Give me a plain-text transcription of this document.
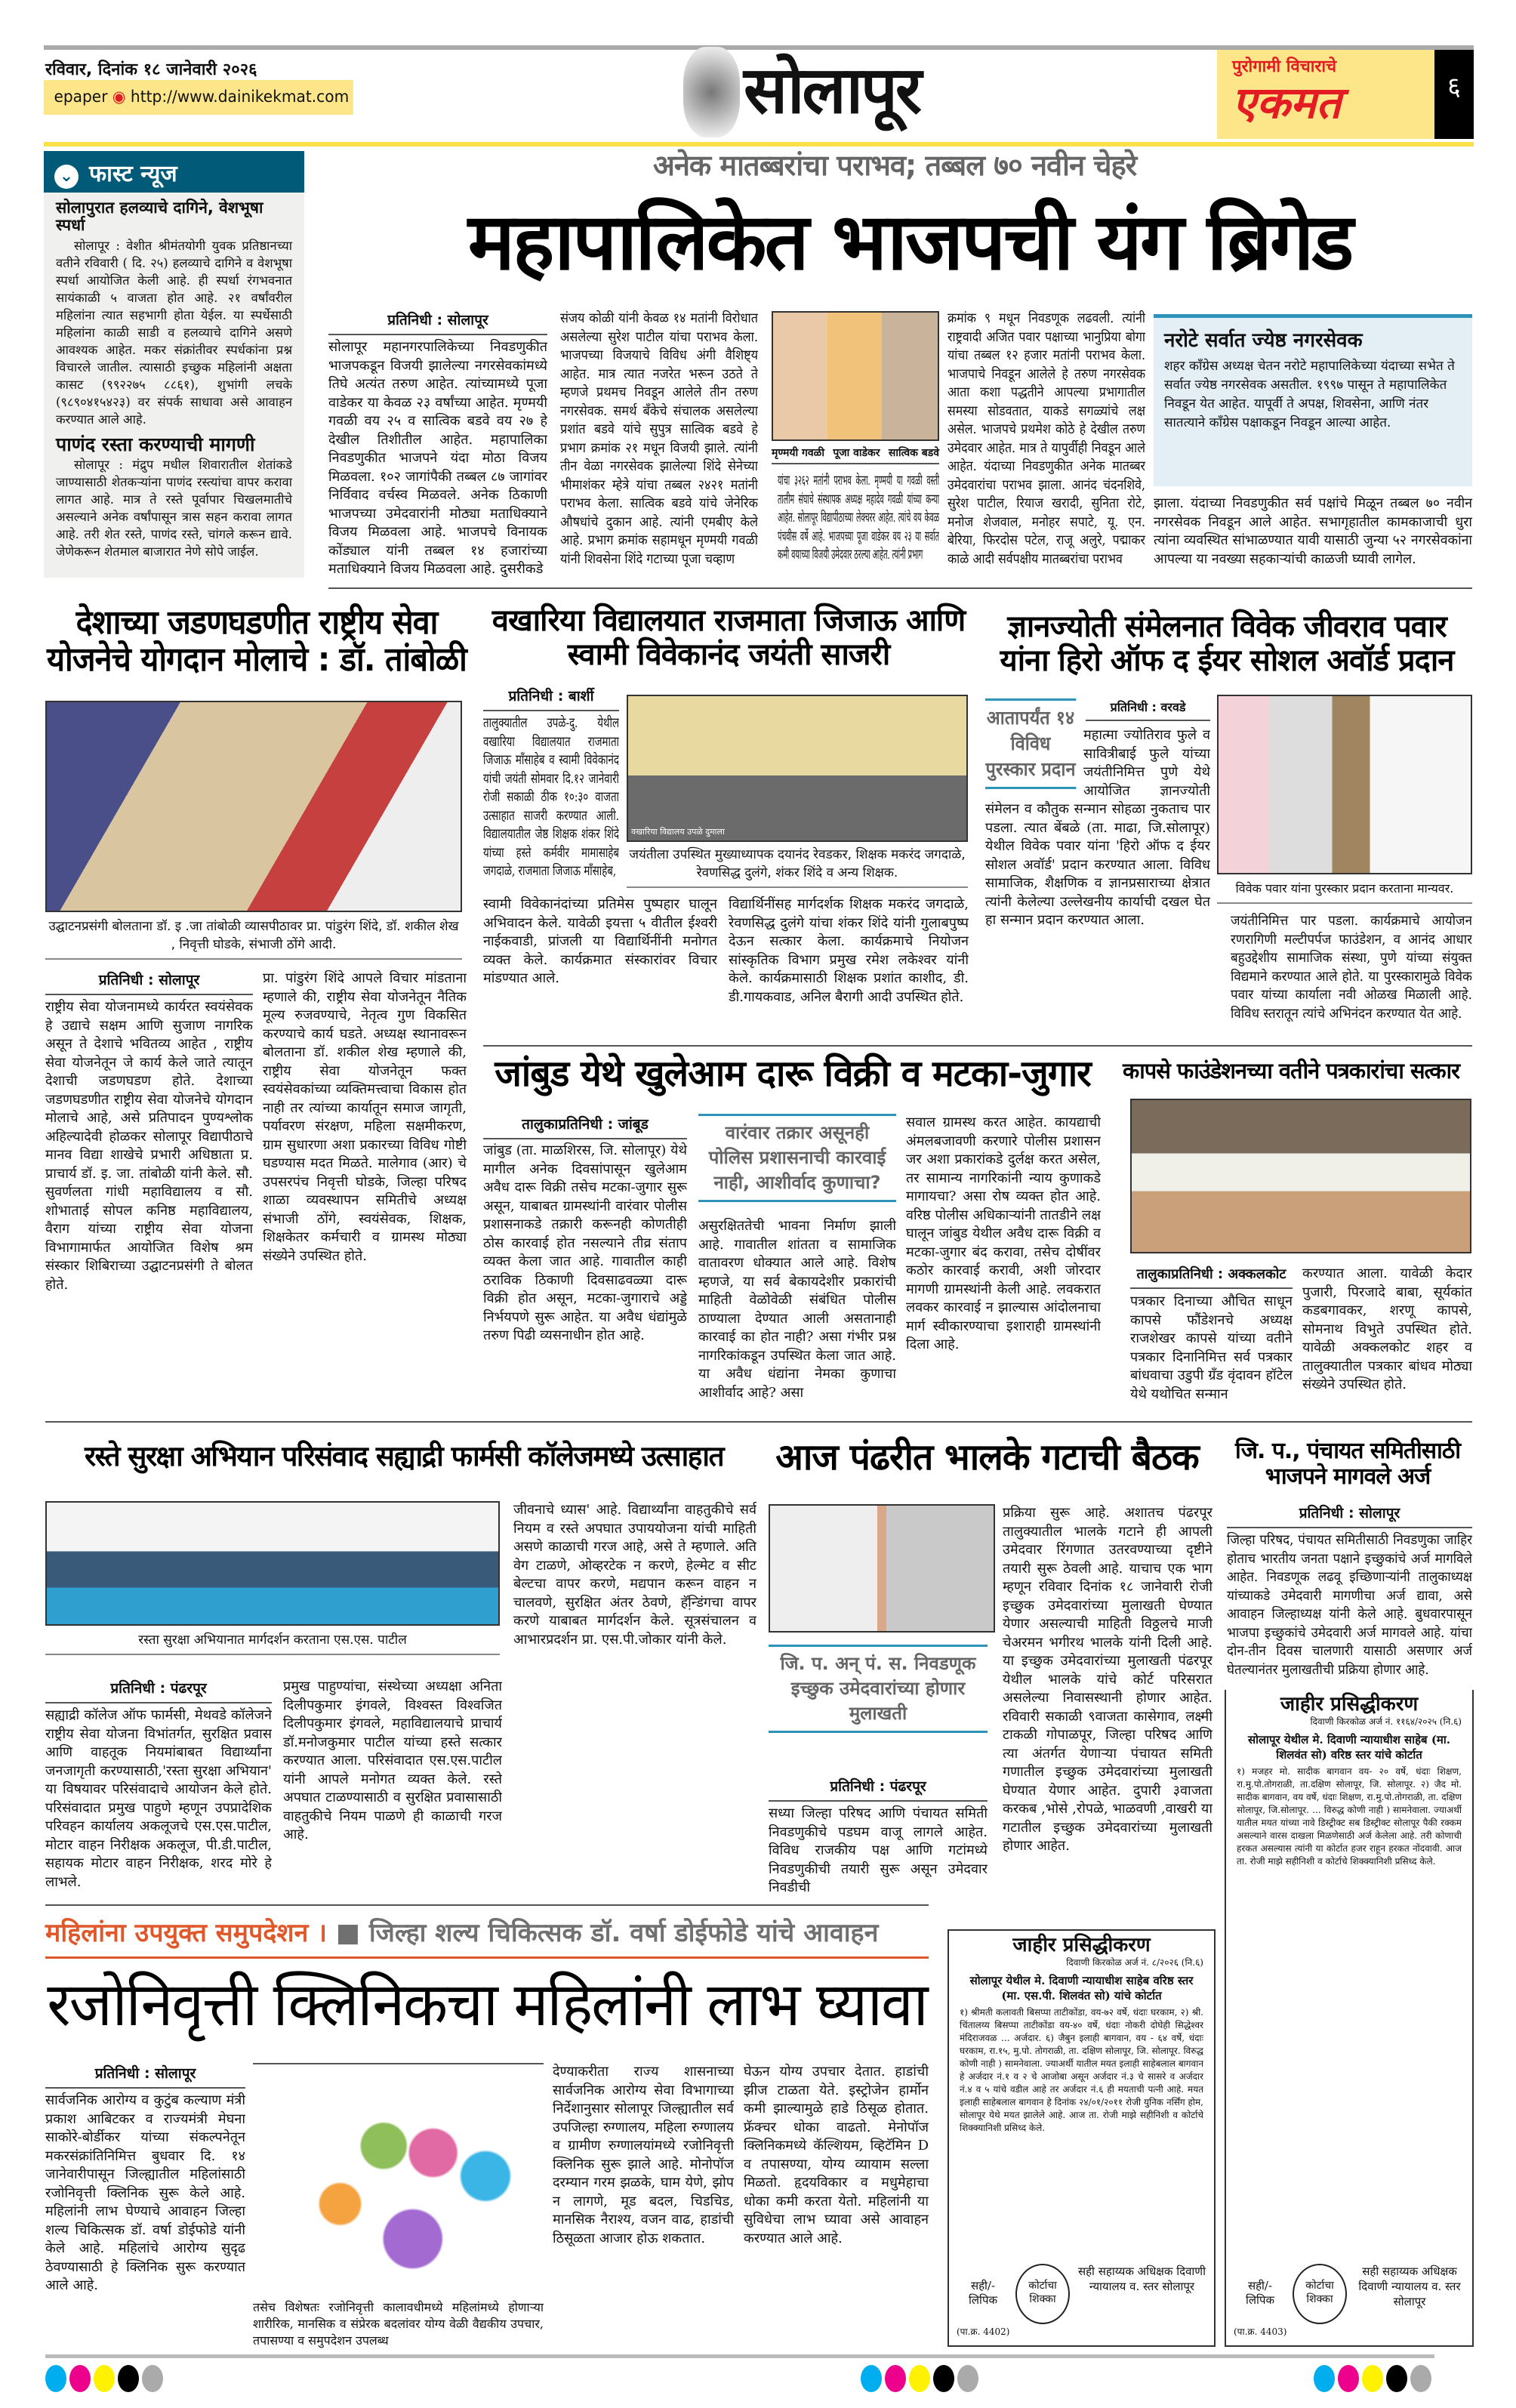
रविवार, दिनांक १८ जानेवारी २०२६
epaper ◉ http://www.dainikekmat.com	सोलापूर	पुरोगामी विचाराचे
एकमत	६
⌄ फास्ट न्यूज
सोलापुरात हलव्याचे दागिने, वेशभूषा स्पर्धा
सोलापूर : वेशीत श्रीमंतयोगी युवक प्रतिष्ठानच्या वतीने रविवारी ( दि. २५) हलव्याचे दागिने व वेशभूषा स्पर्धा आयोजित केली आहे. ही स्पर्धा रंगभवनात सायंकाळी ५ वाजता होत आहे. २१ वर्षांवरील महिलांना त्यात सहभागी होता येईल. या स्पर्धेसाठी महिलांना काळी साडी व हलव्याचे दागिने असणे आवश्यक आहेत. मकर संक्रांतीवर स्पर्धकांना प्रश्न विचारले जातील. त्यासाठी इच्छुक महिलांनी अक्षता कासट (९९२२७५ ८८६१), शुभांगी लचके (९८९०४१५४२३) वर संपर्क साधावा असे आवाहन करण्यात आले आहे.
पाणंद रस्ता करण्याची मागणी
सोलापूर : मंद्रुप मधील शिवारातील शेतांकडे जाण्यासाठी शेतकऱ्यांना पाणंद रस्त्यांचा वापर करावा लागत आहे. मात्र ते रस्ते पूर्वापार चिखलमातीचे असल्याने अनेक वर्षांपासून त्रास सहन करावा लागत आहे. तरी शेत रस्ते, पाणंद रस्ते, चांगले करून द्यावे. जेणेकरून शेतमाल बाजारात नेणे सोपे जाईल.
अनेक मातब्बरांचा पराभव; तब्बल ७० नवीन चेहरे
महापालिकेत भाजपची यंग ब्रिगेड
प्रतिनिधी : सोलापूर
सोलापूर महानगरपालिकेच्या निवडणुकीत भाजपकडून विजयी झालेल्या नगरसेवकांमध्ये तिघे अत्यंत तरुण आहेत. त्यांच्यामध्ये पूजा वाडेकर या केवळ २३ वर्षांच्या आहेत. मृण्मयी गवळी वय २५ व सात्विक बडवे वय २७ हे देखील तिशीतील आहेत. महापालिका निवडणुकीत भाजपने यंदा मोठा विजय मिळवला. १०२ जागांपैकी तब्बल ८७ जागांवर निर्विवाद वर्चस्व मिळवले. अनेक ठिकाणी भाजपच्या उमेदवारांनी मोठ्या मताधिक्याने विजय मिळवला आहे. भाजपचे विनायक कोंड्याल यांनी तब्बल १४ हजारांच्या मताधिक्याने विजय मिळवला आहे. दुसरीकडे
संजय कोळी यांनी केवळ १४ मतांनी विरोधात असलेल्या सुरेश पाटील यांचा पराभव केला. भाजपच्या विजयाचे विविध अंगी वैशिष्ट्य आहेत. मात्र त्यात नजरेत भरून उठते ते म्हणजे प्रथमच निवडून आलेले तीन तरुण नगरसेवक. समर्थ बँकेचे संचालक असलेल्या प्रशांत बडवे यांचे सुपुत्र सात्विक बडवे हे प्रभाग क्रमांक २१ मधून विजयी झाले. त्यांनी तीन वेळा नगरसेवक झालेल्या शिंदे सेनेच्या भीमाशंकर म्हेत्रे यांचा तब्बल २४२१ मतांनी पराभव केला. सात्विक बडवे यांचे जेनेरिक औषधांचे दुकान आहे. त्यांनी एमबीए केले आहे. प्रभाग क्रमांक सहामधून मृण्मयी गवळी यांनी शिवसेना शिंदे गटाच्या पूजा चव्हाण
मृण्मयी गवळी पूजा वाडेकर सात्विक बडवे
यांचा ३२६२ मतांनी पराभव केला. मृण्मयी या गवळी वस्ती तालीम संघाचे संस्थापक अध्यक्ष महादेव गवळी यांच्या कन्या आहेत. सोलापूर विद्यापीठाच्या लेक्चरर आहेत. त्यांचे वय केवळ पंचवीस वर्षे आहे. भाजपच्या पूजा वाडेकर वय २३ या सर्वात कमी वयाच्या विजयी उमेदवार ठरल्या आहेत. त्यांनी प्रभाग
क्रमांक ९ मधून निवडणूक लढवली. त्यांनी राष्ट्रवादी अजित पवार पक्षाच्या भानुप्रिया बोगा यांचा तब्बल १२ हजार मतांनी पराभव केला. भाजपाचे निवडून आलेले हे तरुण नगरसेवक आता कशा पद्धतीने आपल्या प्रभागातील समस्या सोडवतात, याकडे सगळ्यांचे लक्ष असेल. भाजपचे प्रथमेश कोठे हे देखील तरुण उमेदवार आहेत. मात्र ते यापुर्वीही निवडून आले आहेत. यंदाच्या निवडणुकीत अनेक मातब्बर उमेदवारांचा पराभव झाला. आनंद चंदनशिवे, सुरेश पाटील, रियाज खरादी, सुनिता रोटे, मनोज शेजवाल, मनोहर सपाटे, यू. एन. बेरिया, फिरदोस पटेल, राजू अलुरे, पद्माकर काळे आदी सर्वपक्षीय मातब्बरांचा पराभव
नरोटे सर्वात ज्येष्ठ नगरसेवक
शहर काँग्रेस अध्यक्ष चेतन नरोटे महापालिकेच्या यंदाच्या सभेत ते सर्वात ज्येष्ठ नगरसेवक असतील. १९९७ पासून ते महापालिकेत निवडून येत आहेत. यापूर्वी ते अपक्ष, शिवसेना, आणि नंतर सातत्याने काँग्रेस पक्षाकडून निवडून आल्या आहेत.
झाला. यंदाच्या निवडणुकीत सर्व पक्षांचे मिळून तब्बल ७० नवीन नगरसेवक निवडून आले आहेत. सभागृहातील कामकाजाची धुरा त्यांना व्यवस्थित सांभाळण्यात यावी यासाठी जुन्या ५२ नगरसेवकांना आपल्या या नवख्या सहकाऱ्यांची काळजी घ्यावी लागेल.
देशाच्या जडणघडणीत राष्ट्रीय सेवा योजनेचे योगदान मोलाचे : डॉ. तांबोळी
उद्घाटनप्रसंगी बोलताना डॉ. इ .जा तांबोळी व्यासपीठावर प्रा. पांडुरंग शिंदे, डॉ. शकील शेख , निवृत्ती घोडके, संभाजी ठोंगे आदी.
प्रतिनिधी : सोलापूर
राष्ट्रीय सेवा योजनामध्ये कार्यरत स्वयंसेवक हे उद्याचे सक्षम आणि सुजाण नागरिक असून ते देशाचे भवितव्य आहेत , राष्ट्रीय सेवा योजनेतून जे कार्य केले जाते त्यातून देशाची जडणघडण होते. देशाच्या जडणघडणीत राष्ट्रीय सेवा योजनेचे योगदान मोलाचे आहे, असे प्रतिपादन पुण्यश्लोक अहिल्यादेवी होळकर सोलापूर विद्यापीठाचे मानव विद्या शाखेचे प्रभारी अधिष्ठाता प्र. प्राचार्य डॉ. इ. जा. तांबोळी यांनी केले. सौ. सुवर्णलता गांधी महाविद्यालय व सौ. शोभाताई सोपल कनिष्ठ महाविद्यालय, वैराग यांच्या राष्ट्रीय सेवा योजना विभागामार्फत आयोजित विशेष श्रम संस्कार शिबिराच्या उद्घाटनप्रसंगी ते बोलत होते.
प्रा. पांडुरंग शिंदे आपले विचार मांडताना म्हणाले की, राष्ट्रीय सेवा योजनेतून नैतिक मूल्य रुजवण्याचे, नेतृत्व गुण विकसित करण्याचे कार्य घडते. अध्यक्ष स्थानावरून बोलताना डॉ. शकील शेख म्हणाले की, राष्ट्रीय सेवा योजनेतून फक्त स्वयंसेवकांच्या व्यक्तिमत्त्वाचा विकास होत नाही तर त्यांच्या कार्यातून समाज जागृती, पर्यावरण संरक्षण, महिला सक्षमीकरण, ग्राम सुधारणा अशा प्रकारच्या विविध गोष्टी घडण्यास मदत मिळते. मालेगाव (आर) चे उपसरपंच निवृत्ती घोडके, जिल्हा परिषद शाळा व्यवस्थापन समितीचे अध्यक्ष संभाजी ठोंगे, स्वयंसेवक, शिक्षक, शिक्षकेतर कर्मचारी व ग्रामस्थ मोठ्या संख्येने उपस्थित होते.
वखारिया विद्यालयात राजमाता जिजाऊ आणि स्वामी विवेकानंद जयंती साजरी
प्रतिनिधी : बार्शी
तालुक्यातील उपळे-दु. येथील वखारिया विद्यालयात राजमाता जिजाऊ माँसाहेब व स्वामी विवेकानंद यांची जयंती सोमवार दि.१२ जानेवारी रोजी सकाळी ठीक १०:३० वाजता उत्साहात साजरी करण्यात आली. विद्यालयातील जेष्ठ शिक्षक शंकर शिंदे यांच्या हस्ते कर्मवीर मामासाहेब जगदाळे, राजमाता जिजाऊ माँसाहेब,
वखारिया विद्यालय उपळे दुमाला
जयंतीला उपस्थित मुख्याध्यापक दयानंद रेवडकर, शिक्षक मकरंद जगदाळे, रेवणसिद्ध दुलंगे, शंकर शिंदे व अन्य शिक्षक.
स्वामी विवेकानंदांच्या प्रतिमेस पुष्पहार घालून अभिवादन केले. यावेळी इयत्ता ५ वीतील ईश्वरी नाईकवाडी, प्रांजली या विद्यार्थिनींनी मनोगत व्यक्त केले. कार्यक्रमात संस्कारांवर विचार मांडण्यात आले.
विद्यार्थिनींसह मार्गदर्शक शिक्षक मकरंद जगदाळे, रेवणसिद्ध दुलंगे यांचा शंकर शिंदे यांनी गुलाबपुष्प देऊन सत्कार केला. कार्यक्रमाचे नियोजन सांस्कृतिक विभाग प्रमुख रमेश लकेश्वर यांनी केले. कार्यक्रमासाठी शिक्षक प्रशांत काशीद, डी. डी.गायकवाड, अनिल बैरागी आदी उपस्थित होते.
ज्ञानज्योती संमेलनात विवेक जीवराव पवार यांना हिरो ऑफ द ईयर सोशल अवॉर्ड प्रदान
आतापर्यंत १४ विविध पुरस्कार प्रदान
प्रतिनिधी : वरवडे
महात्मा ज्योतिराव फुले व सावित्रीबाई फुले यांच्या जयंतीनिमित्त पुणे येथे आयोजित ज्ञानज्योती संमेलन व कौतुक सन्मान सोहळा नुकताच पार पडला. त्यात बेंबळे (ता. माढा, जि.सोलापूर) येथील विवेक पवार यांना 'हिरो ऑफ द ईयर सोशल अवॉर्ड' प्रदान करण्यात आला. विविध सामाजिक, शैक्षणिक व ज्ञानप्रसाराच्या क्षेत्रात त्यांनी केलेल्या उल्लेखनीय कार्याची दखल घेत हा सन्मान प्रदान करण्यात आला.
विवेक पवार यांना पुरस्कार प्रदान करताना मान्यवर.
जयंतीनिमित्त पार पडला. कार्यक्रमाचे आयोजन रणरागिणी मल्टीपर्पज फाउंडेशन, व आनंद आधार बहुउद्देशीय सामाजिक संस्था, पुणे यांच्या संयुक्त विद्यमाने करण्यात आले होते. या पुरस्कारामुळे विवेक पवार यांच्या कार्याला नवी ओळख मिळाली आहे. विविध स्तरातून त्यांचे अभिनंदन करण्यात येत आहे.
जांबुड येथे खुलेआम दारू विक्री व मटका-जुगार
तालुकाप्रतिनिधी : जांबूड
जांबुड (ता. माळशिरस, जि. सोलापूर) येथे मागील अनेक दिवसांपासून खुलेआम अवैध दारू विक्री तसेच मटका-जुगार सुरू असून, याबाबत ग्रामस्थांनी वारंवार पोलीस प्रशासनाकडे तक्रारी करूनही कोणतीही ठोस कारवाई होत नसल्याने तीव्र संताप व्यक्त केला जात आहे. गावातील काही ठराविक ठिकाणी दिवसाढवळ्या दारू विक्री होत असून, मटका-जुगाराचे अड्डे निर्भयपणे सुरू आहेत. या अवैध धंद्यांमुळे तरुण पिढी व्यसनाधीन होत आहे.
वारंवार तक्रार असूनही पोलिस प्रशासनाची कारवाई नाही, आशीर्वाद कुणाचा?
असुरक्षिततेची भावना निर्माण झाली आहे. गावातील शांतता व सामाजिक वातावरण धोक्यात आले आहे. विशेष म्हणजे, या सर्व बेकायदेशीर प्रकारांची माहिती वेळोवेळी संबंधित पोलीस ठाण्याला देण्यात आली असतानाही कारवाई का होत नाही? असा गंभीर प्रश्न नागरिकांकडून उपस्थित केला जात आहे. या अवैध धंद्यांना नेमका कुणाचा आशीर्वाद आहे? असा
सवाल ग्रामस्थ करत आहेत. कायद्याची अंमलबजावणी करणारे पोलीस प्रशासन जर अशा प्रकारांकडे दुर्लक्ष करत असेल, तर सामान्य नागरिकांनी न्याय कुणाकडे मागायचा? असा रोष व्यक्त होत आहे. वरिष्ठ पोलीस अधिकाऱ्यांनी तातडीने लक्ष घालून जांबुड येथील अवैध दारू विक्री व मटका-जुगार बंद करावा, तसेच दोषींवर कठोर कारवाई करावी, अशी जोरदार मागणी ग्रामस्थांनी केली आहे. लवकरात लवकर कारवाई न झाल्यास आंदोलनाचा मार्ग स्वीकारण्याचा इशाराही ग्रामस्थांनी दिला आहे.
कापसे फाउंडेशनच्या वतीने पत्रकारांचा सत्कार
तालुकाप्रतिनिधी : अक्कलकोट
पत्रकार दिनाच्या औचित साधून कापसे फौंडेशनचे अध्यक्ष राजशेखर कापसे यांच्या वतीने पत्रकार दिनानिमित्त सर्व पत्रकार बांधवाचा उडुपी ग्रँड वृंदावन हॉटेल येथे यथोचित सन्मान
करण्यात आला. यावेळी केदार पुजारी, पिरजादे बाबा, सूर्यकांत कडबगावकर, शरणू कापसे, सोमनाथ विभुते उपस्थित होते. यावेळी अक्कलकोट शहर व तालुक्यातील पत्रकार बांधव मोठ्या संख्येने उपस्थित होते.
रस्ते सुरक्षा अभियान परिसंवाद सह्याद्री फार्मसी कॉलेजमध्ये उत्साहात
रस्ता सुरक्षा अभियानात मार्गदर्शन करताना एस.एस. पाटील
प्रतिनिधी : पंढरपूर
सह्याद्री कॉलेज ऑफ फार्मसी, मेथवडे कॉलेजने राष्ट्रीय सेवा योजना विभांतर्गत, सुरक्षित प्रवास आणि वाहतूक नियमांबाबत विद्यार्थ्यांना जनजागृती करण्यासाठी,'रस्ता सुरक्षा अभियान' या विषयावर परिसंवादाचे आयोजन केले होते. परिसंवादात प्रमुख पाहुणे म्हणून उपप्रादेशिक परिवहन कार्यालय अकलूजचे एस.एस.पाटील, मोटार वाहन निरीक्षक अकलूज, पी.डी.पाटील, सहायक मोटार वाहन निरीक्षक, शरद मोरे हे लाभले.
प्रमुख पाहुण्यांचा, संस्थेच्या अध्यक्षा अनिता दिलीपकुमार इंगवले, विश्वस्त विश्वजित दिलीपकुमार इंगवले, महाविद्यालयाचे प्राचार्य डॉ.मनोजकुमार पाटील यांच्या हस्ते सत्कार करण्यात आला. परिसंवादात एस.एस.पाटील यांनी आपले मनोगत व्यक्त केले. रस्ते अपघात टाळण्यासाठी व सुरक्षित प्रवासासाठी वाहतुकीचे नियम पाळणे ही काळाची गरज आहे.
जीवनाचे ध्यास' आहे. विद्यार्थ्यांना वाहतुकीचे सर्व नियम व रस्ते अपघात उपाययोजना यांची माहिती असणे काळाची गरज आहे, असे ते म्हणाले. अति वेग टाळणे, ओव्हरटेक न करणे, हेल्मेट व सीट बेल्टचा वापर करणे, मद्यपान करून वाहन न चालवणे, सुरक्षित अंतर ठेवणे, हॅन्डि़ंगचा वापर करणे याबाबत मार्गदर्शन केले. सूत्रसंचालन व आभारप्रदर्शन प्रा. एस.पी.जोकार यांनी केले.
आज पंढरीत भालके गटाची बैठक
जि. प. अन् पं. स. निवडणूक इच्छुक उमेदवारांच्या होणार मुलाखती
प्रतिनिधी : पंढरपूर
सध्या जिल्हा परिषद आणि पंचायत समिती निवडणुकीचे पडघम वाजू लागले आहेत. विविध राजकीय पक्ष आणि गटांमध्ये निवडणुकीची तयारी सुरू असून उमेदवार निवडीची
प्रक्रिया सुरू आहे. अशातच पंढरपूर तालुक्यातील भालके गटाने ही आपली उमेदवार रिंगणात उतरवण्याच्या दृष्टीने तयारी सुरू ठेवली आहे. याचाच एक भाग म्हणून रविवार दिनांक १८ जानेवारी रोजी इच्छुक उमेदवारांच्या मुलाखती घेण्यात येणार असल्याची माहिती विठ्ठलचे माजी चेअरमन भगीरथ भालके यांनी दिली आहे. या इच्छुक उमेदवारांच्या मुलाखती पंढरपूर येथील भालके यांचे कोर्ट परिसरात असलेल्या निवासस्थानी होणार आहेत. रविवारी सकाळी ९वाजता कासेगाव, लक्ष्मी टाकळी गोपाळपूर, जिल्हा परिषद आणि त्या अंतर्गत येणाऱ्या पंचायत समिती गणातील इच्छुक उमेदवारांच्या मुलाखती घेण्यात येणार आहेत. दुपारी ३वाजता करकब ,भोसे ,रोपळे, भाळवणी ,वाखरी या गटातील इच्छुक उमेदवारांच्या मुलाखती होणार आहेत.
जि. प., पंचायत समितीसाठी भाजपने मागवले अर्ज
प्रतिनिधी : सोलापूर
जिल्हा परिषद, पंचायत समितीसाठी निवडणुका जाहिर होताच भारतीय जनता पक्षाने इच्छुकांचे अर्ज मागविले आहेत. निवडणूक लढवू इच्छिणाऱ्यांनी तालुकाध्यक्ष यांच्याकडे उमेदवारी मागणीचा अर्ज द्यावा, असे आवाहन जिल्हाध्यक्ष यांनी केले आहे. बुधवारपासून भाजपा इच्छुकांचे उमेदवारी अर्ज मागवले आहे. यांचा दोन-तीन दिवस चालणारी यासाठी असणार अर्ज घेतल्यानंतर मुलाखतीची प्रक्रिया होणार आहे.
जाहीर प्रसिद्धीकरण
दिवाणी किरकोळ अर्ज नं. ११६४/२०२५ (नि.६)
सोलापूर येथील मे. दिवाणी न्यायाधीश साहेब (मा. शिलवंत सो) वरिष्ठ स्तर यांचे कोर्टात
१) मजहर मो. सादीक बागवान वय- २० वर्षे, धंदाः शिक्षण, रा.मु.पो.तोगराळी, ता.दक्षिण सोलापूर, जि. सोलापूर. २) जैद मो. सादीक बागवान, वय वर्षे, धंदाः शिक्षण, रा.मु.पो.तोगराळी, ता. दक्षिण सोलापूर, जि.सोलापूर. ... विरुद्ध कोणी नाही ) सामनेवाला. ज्याअर्थी यातील मयत यांच्या नावे डिस्ट्रीक्ट सब डिस्ट्रीक्ट सोलापूर पैकी रक्कम असल्याने वारस दाखला मिळणेसाठी अर्ज केलेला आहे. तरी कोणाची हरकत असल्यास त्यांनी या कोर्टात हजर राहून हरकत नोंदवावी. आज ता. रोजी माझे सहीनिशी व कोर्टाचे शिक्क्यानिशी प्रसिध्द केले.
सही/- लिपिक
कोर्टाचा शिक्का
सही सहाय्यक अधिक्षक दिवाणी न्यायालय व. स्तर सोलापूर
(पा.क्र. 4403)
महिलांना उपयुक्त समुपदेशन । ■ जिल्हा शल्य चिकित्सक डॉ. वर्षा डोईफोडे यांचे आवाहन
रजोनिवृत्ती क्लिनिकचा महिलांनी लाभ घ्यावा
प्रतिनिधी : सोलापूर
सार्वजनिक आरोग्य व कुटुंब कल्याण मंत्री प्रकाश आबिटकर व राज्यमंत्री मेघना साकोरे-बोर्डीकर यांच्या संकल्पनेतून मकरसंक्रांतिनिमित्त बुधवार दि. १४ जानेवारीपासून जिल्ह्यातील महिलांसाठी रजोनिवृत्ती क्लिनिक सुरू केले आहे. महिलांनी लाभ घेण्याचे आवाहन जिल्हा शल्य चिकित्सक डॉ. वर्षा डोईफोडे यांनी केले आहे. महिलांचे आरोग्य सुदृढ ठेवण्यासाठी हे क्लिनिक सुरू करण्यात आले आहे.
तसेच विशेषतः रजोनिवृत्ती कालावधीमध्ये महिलांमध्ये होणाऱ्या शारीरिक, मानसिक व संप्रेरक बदलांवर योग्य वेळी वैद्यकीय उपचार, तपासण्या व समुपदेशन उपलब्ध
देण्याकरीता राज्य शासनाच्या सार्वजनिक आरोग्य सेवा विभागाच्या निर्देशानुसार सोलापूर जिल्ह्यातील सर्व उपजिल्हा रुग्णालय, महिला रुग्णालय व ग्रामीण रुग्णालयांमध्ये रजोनिवृत्ती क्लिनिक सुरू झाले आहे. मोनोपॉज दरम्यान गरम झळके, घाम येणे, झोप न लागणे, मूड बदल, चिडचिड, मानसिक नैराश्य, वजन वाढ, हाडांची ठिसूळता आजार होऊ शकतात.
घेऊन योग्य उपचार देतात. हाडांची झीज टाळता येते. इस्ट्रोजेन हार्मोन कमी झाल्यामुळे हाडे ठिसूळ होतात. फ्रॅक्चर धोका वाढतो. मेनोपॉज क्लिनिकमध्ये कॅल्शियम, व्हिटॅमिन D व तपासण्या, योग्य व्यायाम सल्ला मिळतो. हृदयविकार व मधुमेहाचा धोका कमी करता येतो. महिलांनी या सुविधेचा लाभ घ्यावा असे आवाहन करण्यात आले आहे.
जाहीर प्रसिद्धीकरण
दिवाणी किरकोळ अर्ज नं. ८/२०२६ (नि.६)
सोलापूर येथील मे. दिवाणी न्यायाधीश साहेब वरिष्ठ स्तर (मा. एस.पी. शिलवंत सो) यांचे कोर्टात
१) श्रीमती कलावती बिसप्पा ताटीकोंडा, वय-७२ वर्षे, धंदाः घरकाम, २) श्री. चिंतालय्य बिसप्पा ताटीकोंडा वय-४० वर्षे, धंदाः नोकरी दोघेही सिद्धेश्वर मंदिराजवळ ... अर्जदार. ६) जैबुन इलाही बागवान, वय - ६४ वर्षे, धंदाः घरकाम, रा.१५, मु.पो. तोगराळी, ता. दक्षिण सोलापूर, जि. सोलापूर. विरुद्ध कोणी नाही ) सामनेवाला. ज्याअर्थी यातील मयत इलाही साहेबलाल बागवान हे अर्जदार नं.१ व २ चे आजोबा असून अर्जदार नं.३ चे सासरे व अर्जदार नं.४ व ५ यांचे वडील आहे तर अर्जदार नं.६ ही मयताची पत्नी आहे. मयत इलाही साहेबलाल बागवान हे दिनांक २४/०१/२०११ रोजी युनिक नर्सिंग होम, सोलापूर येथे मयत झालेले आहे. आज ता. रोजी माझे सहीनिशी व कोर्टाचे शिक्क्यानिशी प्रसिध्द केले.
सही/- लिपिक
कोर्टाचा शिक्का
सही सहाय्यक अधिक्षक दिवाणी न्यायालय व. स्तर सोलापूर
(पा.क्र. 4402)
